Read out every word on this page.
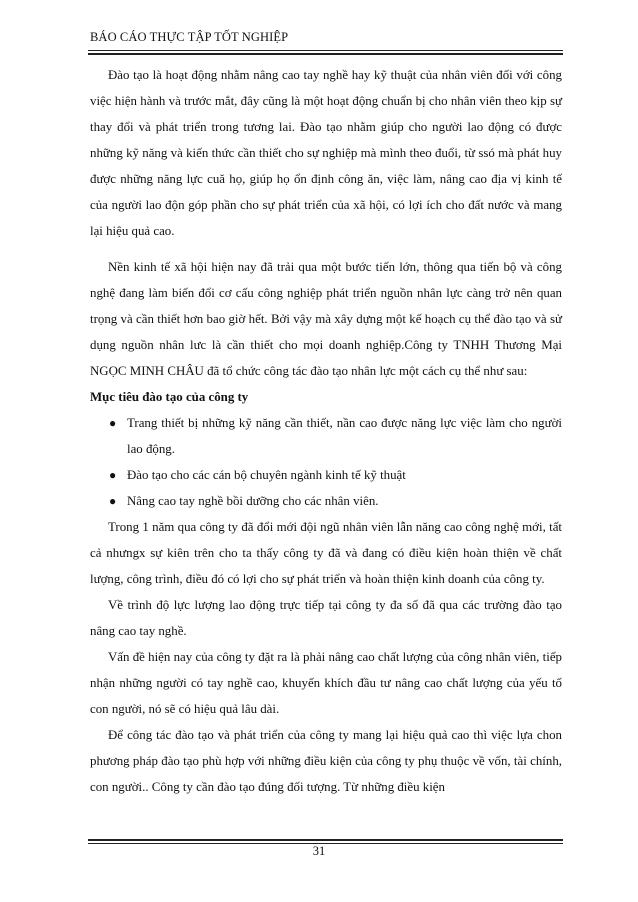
BÁO CÁO THỰC TẬP TỐT NGHIỆP

Đào tạo là hoạt động nhằm nâng cao tay nghề hay kỹ thuật của nhân viên đối với công việc hiện hành và trước mắt, đây cũng là một hoạt động chuẩn bị cho nhân viên theo kịp sự thay đổi và phát triển trong tương lai. Đào tạo nhằm giúp cho người lao động có được những kỹ năng và kiến thức cần thiết cho sự nghiệp mà mình theo đuổi, từ ssó mà phát huy được những năng lực cuă họ, giúp họ ổn định công ăn, việc làm, nâng cao địa vị kinh tế của người lao độn góp phần cho sự phát triển của xã hội, có lợi ích cho đất nước và mang lại hiệu quả cao.

Nền kinh tế xã hội hiện nay đã trải qua một bước tiến lớn, thông qua tiến bộ và công nghệ đang làm biến đổi cơ cấu công nghiệp phát triển nguồn nhân lực càng trở nên quan trọng và cần thiết hơn bao giờ hết. Bởi vậy mà xây dựng một kế hoạch cụ thể đào tạo và sử dụng nguồn nhân lưc là cần thiết cho mọi doanh nghiệp.Công ty TNHH Thương Mại NGỌC MINH CHÂU đã tổ chức công tác đào tạo nhân lực một cách cụ thể như sau:

Mục tiêu đào tạo của công ty

● Trang thiết bị những kỹ năng cần thiết, nần cao được năng lực việc làm cho người lao động.
● Đào tạo cho các cán bộ chuyên ngành kinh tế kỹ thuật
● Nâng cao tay nghề bồi dưỡng cho các nhân viên.

Trong 1 năm qua công ty đã đổi mới đội ngũ nhân viên lẫn năng cao công nghệ mới, tất cả nhưngx sự kiên trên cho ta thấy công ty đã và đang có điều kiện hoàn thiện về chất lượng, công trình, điều đó có lợi cho sự phát triển và hoàn thiện kinh doanh của công ty.

Về trình độ lực lượng lao động trực tiếp tại công ty đa số đã qua các trường đào tạo nâng cao tay nghề.

Vấn đề hiện nay của công ty đặt ra là phải nâng cao chất lượng của công nhân viên, tiếp nhận những người có tay nghề cao, khuyến khích đầu tư nâng cao chất lượng của yếu tố con người, nó sẽ có hiệu quả lâu dài.

Để công tác đào tạo và phát triển của công ty mang lại hiệu quả cao thì việc lựa chon phương pháp đào tạo phù hợp với những điều kiện của công ty phụ thuộc về vốn, tài chính, con người.. Công ty cần đào tạo đúng đối tượng. Từ những điều kiện

31
